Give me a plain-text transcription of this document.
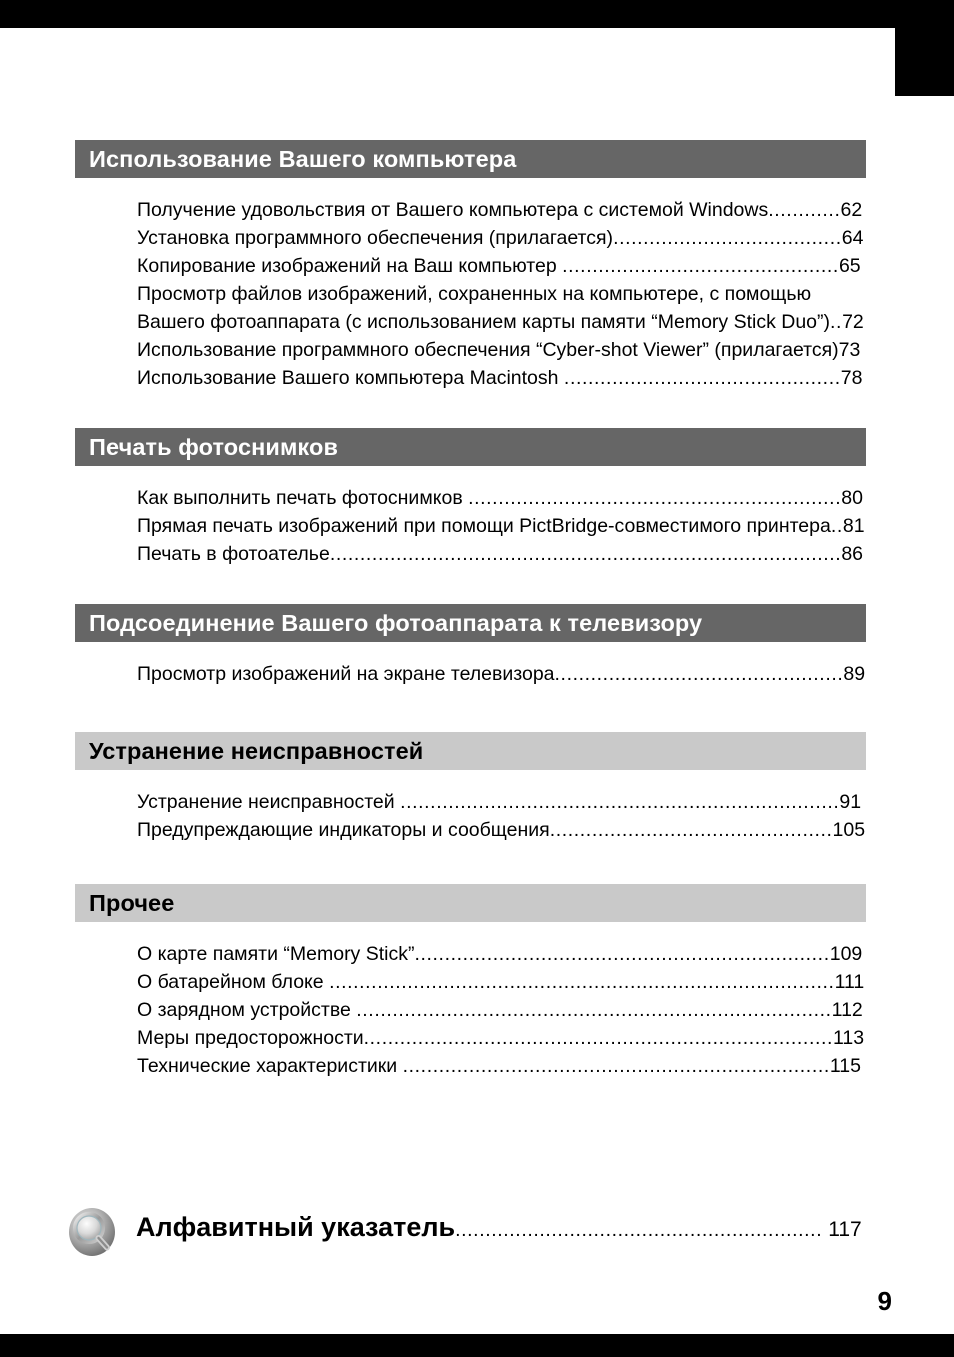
Использование Вашего компьютера
Получение удовольствия от Вашего компьютера с системой Windows............62
Установка программного обеспечения (прилагается)......................................64
Копирование изображений на Ваш компьютер ..............................................65
Просмотр файлов изображений, сохраненных на компьютере, с помощью Вашего фотоаппарата (с использованием карты памяти “Memory Stick Duo”)..72
Использование программного обеспечения “Cyber-shot Viewer” (прилагается)73
Использование Вашего компьютера Macintosh ..............................................78
Печать фотоснимков
Как выполнить печать фотоснимков ..............................................................80
Прямая печать изображений при помощи PictBridge-совместимого принтера..81
Печать в фотоателье.....................................................................................86
Подсоединение Вашего фотоаппарата к телевизору
Просмотр изображений на экране телевизора................................................89
Устранение неисправностей
Устранение неисправностей .........................................................................91
Предупреждающие индикаторы и сообщения...............................................105
Прочее
О карте памяти “Memory Stick”.....................................................................109
О батарейном блоке ....................................................................................111
О зарядном устройстве ...............................................................................112
Меры предосторожности..............................................................................113
Технические характеристики .......................................................................115
Алфавитный указатель............................................................. 117
9
